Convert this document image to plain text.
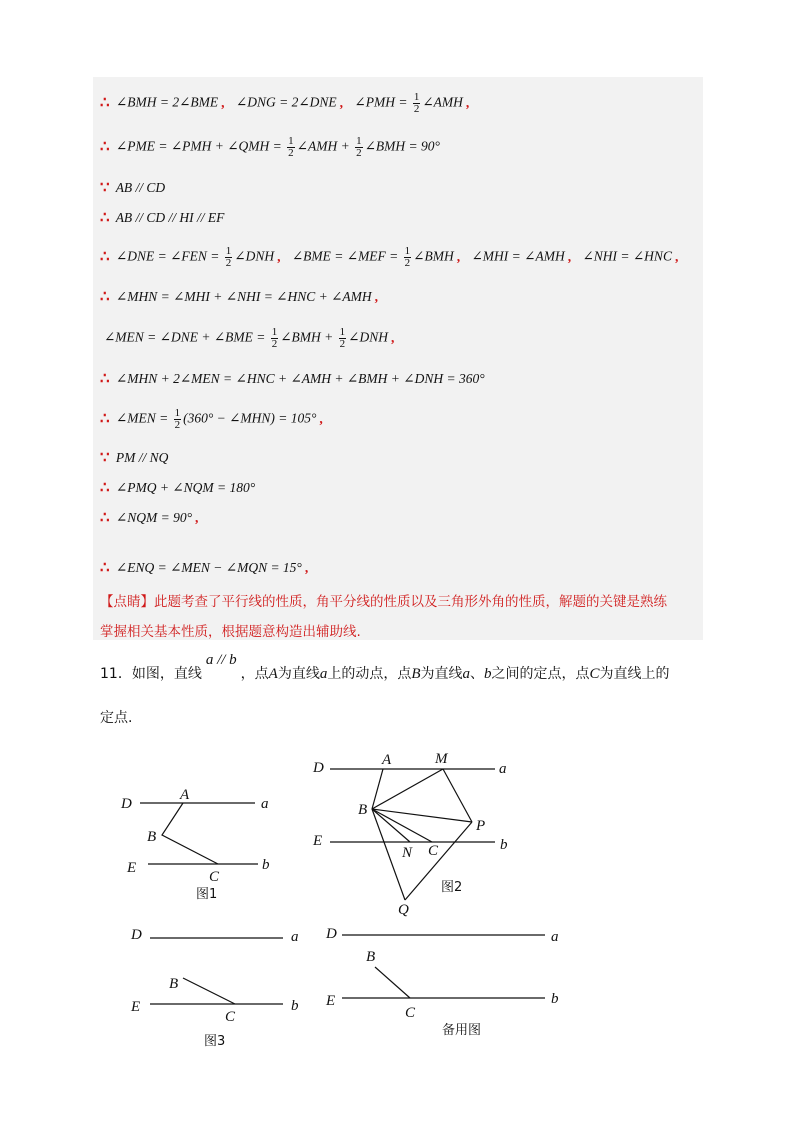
∴ ∠BMH = 2∠BME , ∠DNG = 2∠DNE , ∠PMH = $\frac{1}{2}$ ∠AMH ,
∴ ∠PME = ∠PMH + ∠QMH = $\frac{1}{2}$ ∠AMH + $\frac{1}{2}$ ∠BMH = 90°
∵ AB // CD
∴ AB // CD // HI // EF
∴ ∠DNE = ∠FEN = $\frac{1}{2}$ ∠DNH , ∠BME = ∠MEF = $\frac{1}{2}$ ∠BMH , ∠MHI = ∠AMH , ∠NHI = ∠HNC ,
∴ ∠MHN = ∠MHI + ∠NHI = ∠HNC + ∠AMH ,
∠MEN = ∠DNE + ∠BME = $\frac{1}{2}$ ∠BMH + $\frac{1}{2}$ ∠DNH ,
∴ ∠MHN + 2∠MEN = ∠HNC + ∠AMH + ∠BMH + ∠DNH = 360°
∴ ∠MEN = $\frac{1}{2} (360^\circ$ − ∠MHN) = 105° ,
∵ PM // NQ
∴ ∠PMQ + ∠NQM = 180°
∴ ∠NQM = 90° ,
∴ ∠ENQ = ∠MEN − ∠MQN = 15° ,
【点睛】此题考查了平行线的性质，角平分线的性质以及三角形外角的性质，解题的关键是熟练
掌握相关基本性质，根据题意构造出辅助线.
11．如图，直线a // b，点A为直线a上的动点，点B为直线a、b之间的定点，点C为直线上的
定点.
D
A
a
B
E
C
b
图1
D	A	M
a
B
P
E
N C	b
Q
图2
D	a
B
E
C
b
图3
D	a
B
E
C
b
备用图
